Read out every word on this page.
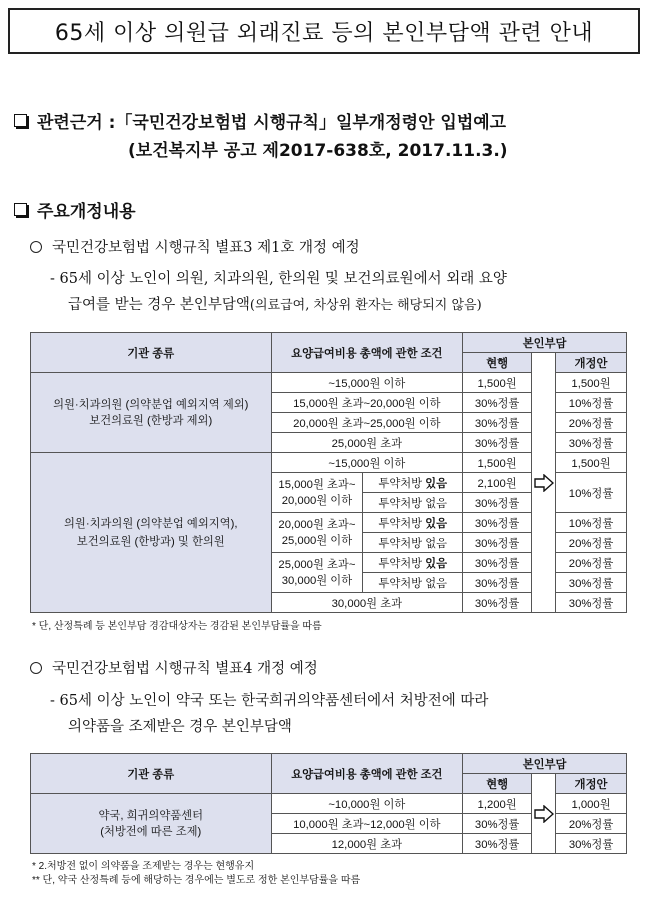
65세 이상 의원급 외래진료 등의 본인부담액 관련 안내
관련근거 :「국민건강보험법 시행규칙」일부개정령안 입법예고
(보건복지부 공고 제2017-638호, 2017.11.3.)
주요개정내용
국민건강보험법 시행규칙 별표3 제1호 개정 예정
- 65세 이상 노인이 의원, 치과의원, 한의원 및 보건의료원에서 외래 요양
급여를 받는 경우 본인부담액(의료급여, 차상위 환자는 해당되지 않음)
기관 종류	요양급여비용 총액에 관한 조건		본인부담		
			현행		개정안
의원·치과의원 (의약분업 예외지역 제외)
보건의료원 (한방과 제외)	~15,000원 이하		1,500원		1,500원
	15,000원 초과~20,000원 이하		30%정률		10%정률
	20,000원 초과~25,000원 이하		30%정률		20%정률
	25,000원 초과		30%정률		30%정률
의원·치과의원 (의약분업 예외지역),
보건의료원 (한방과) 및 한의원	~15,000원 이하		1,500원		1,500원
	15,000원 초과~
20,000원 이하	투약처방 있음	2,100원		10%정률
		투약처방 없음	30%정률		
	20,000원 초과~
25,000원 이하	투약처방 있음	30%정률		10%정률
		투약처방 없음	30%정률		20%정률
	25,000원 초과~
30,000원 이하	투약처방 있음	30%정률		20%정률
		투약처방 없음	30%정률		30%정률
	30,000원 초과		30%정률		30%정률
* 단, 산정특례 등 본인부담 경감대상자는 경감된 본인부담률을 따름
국민건강보험법 시행규칙 별표4 개정 예정
- 65세 이상 노인이 약국 또는 한국희귀의약품센터에서 처방전에 따라
의약품을 조제받은 경우 본인부담액
기관 종류	요양급여비용 총액에 관한 조건	본인부담		
		현행		개정안
약국, 희귀의약품센터
(처방전에 따른 조제)	~10,000원 이하	1,200원		1,000원
	10,000원 초과~12,000원 이하	30%정률		20%정률
	12,000원 초과	30%정률		30%정률
* 2.처방전 없이 의약품을 조제받는 경우는 현행유지
** 단, 약국 산정특례 등에 해당하는 경우에는 별도로 정한 본인부담률을 따름
